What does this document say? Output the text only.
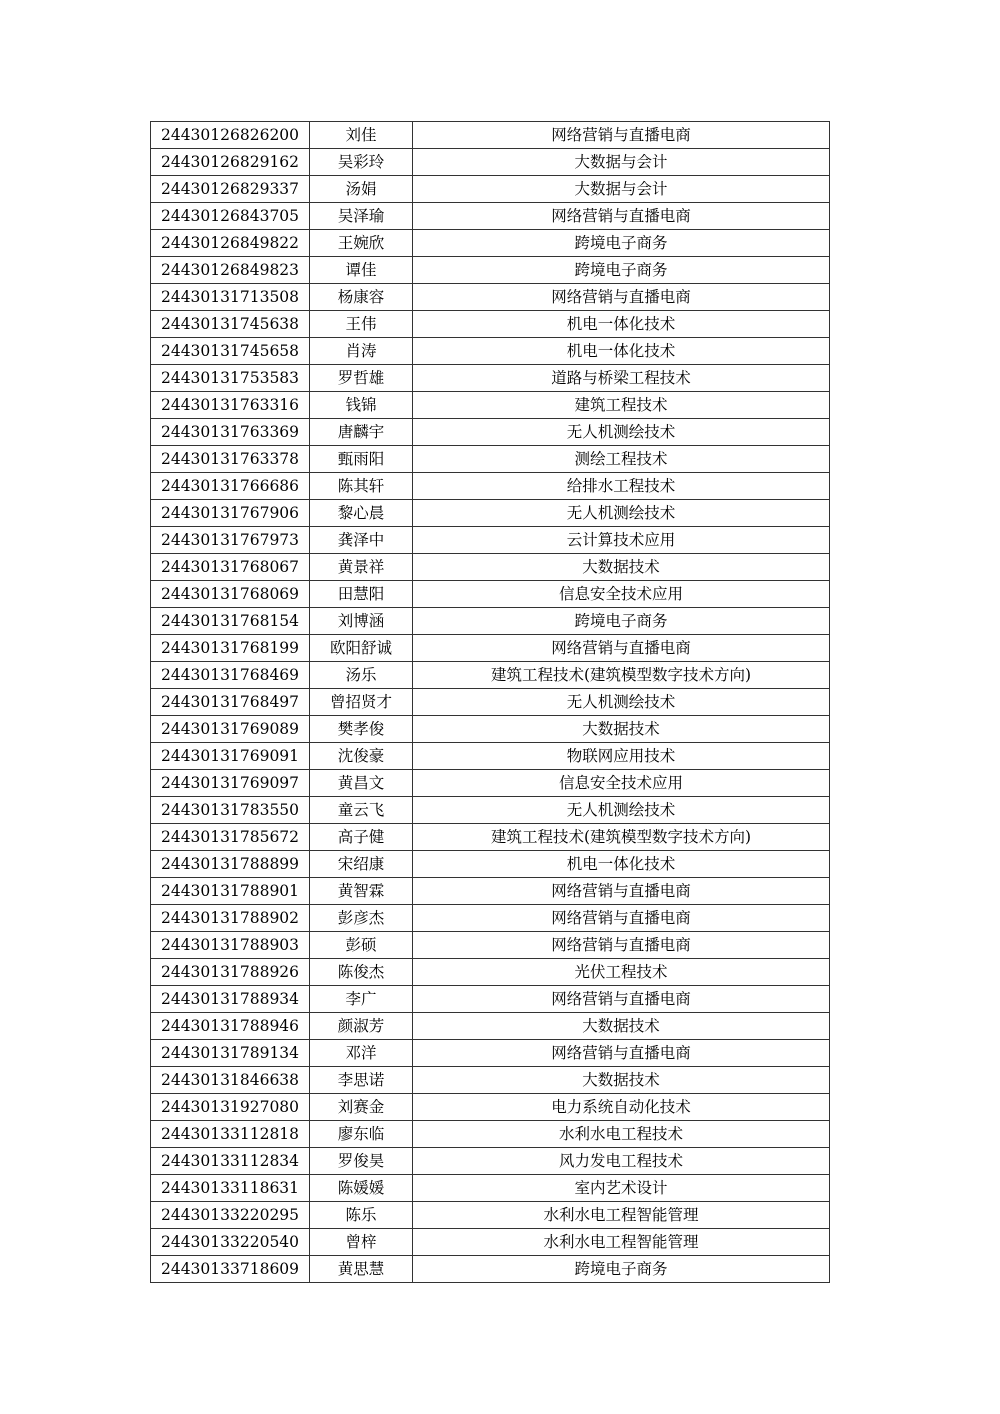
24430126826200	刘佳	网络营销与直播电商
24430126829162	吴彩玲	大数据与会计
24430126829337	汤娟	大数据与会计
24430126843705	吴泽瑜	网络营销与直播电商
24430126849822	王婉欣	跨境电子商务
24430126849823	谭佳	跨境电子商务
24430131713508	杨康容	网络营销与直播电商
24430131745638	王伟	机电一体化技术
24430131745658	肖涛	机电一体化技术
24430131753583	罗哲雄	道路与桥梁工程技术
24430131763316	钱锦	建筑工程技术
24430131763369	唐麟宇	无人机测绘技术
24430131763378	甄雨阳	测绘工程技术
24430131766686	陈其轩	给排水工程技术
24430131767906	黎心晨	无人机测绘技术
24430131767973	龚泽中	云计算技术应用
24430131768067	黄景祥	大数据技术
24430131768069	田慧阳	信息安全技术应用
24430131768154	刘博涵	跨境电子商务
24430131768199	欧阳舒诚	网络营销与直播电商
24430131768469	汤乐	建筑工程技术(建筑模型数字技术方向)
24430131768497	曾招贤才	无人机测绘技术
24430131769089	樊孝俊	大数据技术
24430131769091	沈俊豪	物联网应用技术
24430131769097	黄昌文	信息安全技术应用
24430131783550	童云飞	无人机测绘技术
24430131785672	高子健	建筑工程技术(建筑模型数字技术方向)
24430131788899	宋绍康	机电一体化技术
24430131788901	黄智霖	网络营销与直播电商
24430131788902	彭彦杰	网络营销与直播电商
24430131788903	彭硕	网络营销与直播电商
24430131788926	陈俊杰	光伏工程技术
24430131788934	李广	网络营销与直播电商
24430131788946	颜淑芳	大数据技术
24430131789134	邓洋	网络营销与直播电商
24430131846638	李思诺	大数据技术
24430131927080	刘赛金	电力系统自动化技术
24430133112818	廖东临	水利水电工程技术
24430133112834	罗俊昊	风力发电工程技术
24430133118631	陈媛媛	室内艺术设计
24430133220295	陈乐	水利水电工程智能管理
24430133220540	曾梓	水利水电工程智能管理
24430133718609	黄思慧	跨境电子商务
